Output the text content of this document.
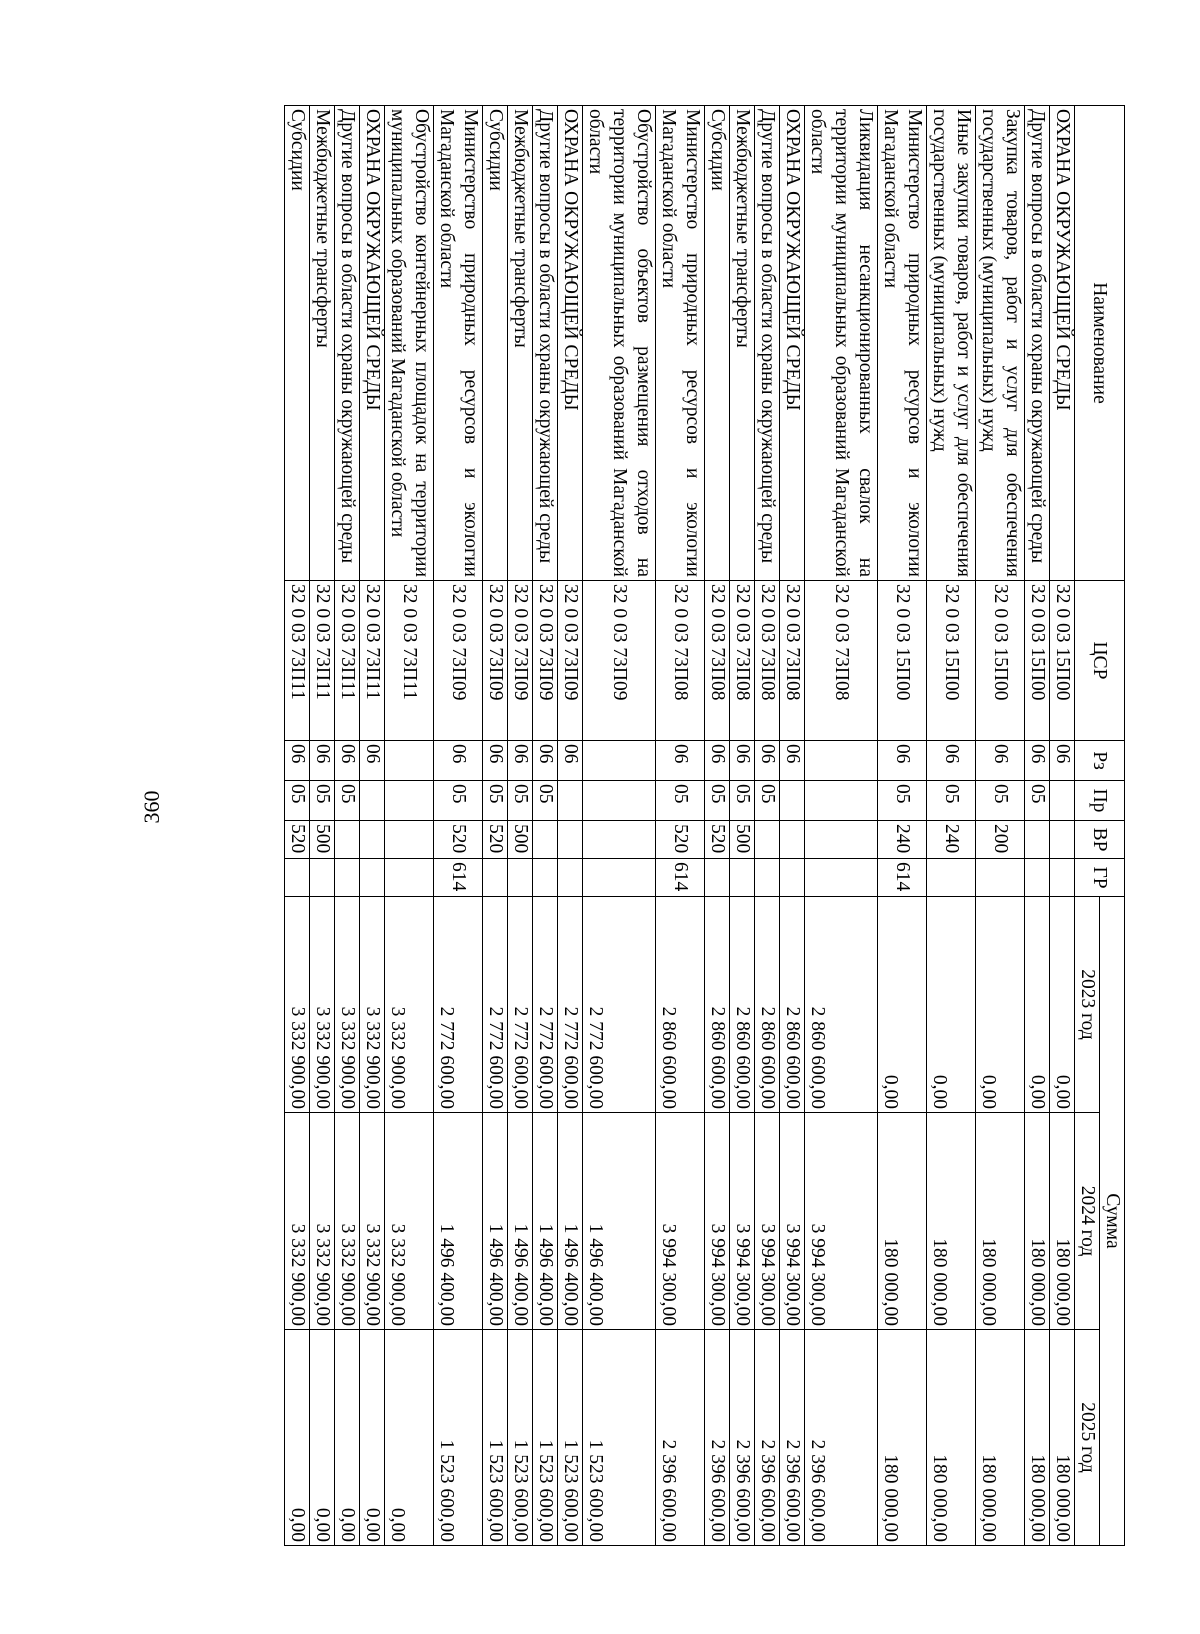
360
Наименование	ЦСР	Рз	Пр	ВР	ГР	Сумма		
						2023 год	2024 год	2025 год
ОХРАНА ОКРУЖАЮЩЕЙ СРЕДЫ	32 0 03 15П00	06				0,00	180 000,00	180 000,00
Другие вопросы в области охраны окружающей среды	32 0 03 15П00	06	05			0,00	180 000,00	180 000,00
Закупка товаров, работ и услуг для обеспечения государственных (муниципальных) нужд	32 0 03 15П00	06	05	200		0,00	180 000,00	180 000,00
Иные закупки товаров, работ и услуг для обеспечения государственных (муниципальных) нужд	32 0 03 15П00	06	05	240		0,00	180 000,00	180 000,00
Министерство природных ресурсов и экологии Магаданской области	32 0 03 15П00	06	05	240	614	0,00	180 000,00	180 000,00
Ликвидация несанкционированных свалок на территории муниципальных образований Магаданской области	32 0 03 73П08					2 860 600,00	3 994 300,00	2 396 600,00
ОХРАНА ОКРУЖАЮЩЕЙ СРЕДЫ	32 0 03 73П08	06				2 860 600,00	3 994 300,00	2 396 600,00
Другие вопросы в области охраны окружающей среды	32 0 03 73П08	06	05			2 860 600,00	3 994 300,00	2 396 600,00
Межбюджетные трансферты	32 0 03 73П08	06	05	500		2 860 600,00	3 994 300,00	2 396 600,00
Субсидии	32 0 03 73П08	06	05	520		2 860 600,00	3 994 300,00	2 396 600,00
Министерство природных ресурсов и экологии Магаданской области	32 0 03 73П08	06	05	520	614	2 860 600,00	3 994 300,00	2 396 600,00
Обустройство объектов размещения отходов на территории муниципальных образований Магаданской области	32 0 03 73П09					2 772 600,00	1 496 400,00	1 523 600,00
ОХРАНА ОКРУЖАЮЩЕЙ СРЕДЫ	32 0 03 73П09	06				2 772 600,00	1 496 400,00	1 523 600,00
Другие вопросы в области охраны окружающей среды	32 0 03 73П09	06	05			2 772 600,00	1 496 400,00	1 523 600,00
Межбюджетные трансферты	32 0 03 73П09	06	05	500		2 772 600,00	1 496 400,00	1 523 600,00
Субсидии	32 0 03 73П09	06	05	520		2 772 600,00	1 496 400,00	1 523 600,00
Министерство природных ресурсов и экологии Магаданской области	32 0 03 73П09	06	05	520	614	2 772 600,00	1 496 400,00	1 523 600,00
Обустройство контейнерных площадок на территории муниципальных образований Магаданской области	32 0 03 73П11					3 332 900,00	3 332 900,00	0,00
ОХРАНА ОКРУЖАЮЩЕЙ СРЕДЫ	32 0 03 73П11	06				3 332 900,00	3 332 900,00	0,00
Другие вопросы в области охраны окружающей среды	32 0 03 73П11	06	05			3 332 900,00	3 332 900,00	0,00
Межбюджетные трансферты	32 0 03 73П11	06	05	500		3 332 900,00	3 332 900,00	0,00
Субсидии	32 0 03 73П11	06	05	520		3 332 900,00	3 332 900,00	0,00
